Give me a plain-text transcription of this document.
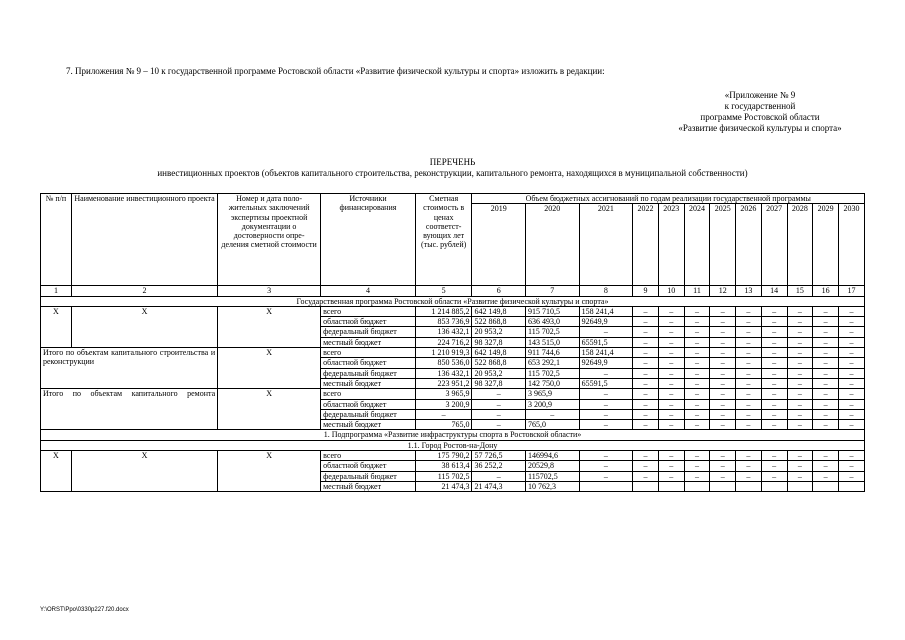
7. Приложения № 9 – 10 к государственной программе Ростовской области «Развитие физической культуры и спорта» изложить в редакции:
«Приложение № 9
к государственной
программе Ростовской области
«Развитие физической культуры и спорта»
ПЕРЕЧЕНЬ
инвестиционных проектов (объектов капитального строительства, реконструкции, капитального ремонта, находящихся в муниципальной собственности)
№ п/п	Наименование инвестиционного проекта	Номер и дата поло-жительных заключений экспертизы проектной документации о достоверности опре-деления сметной стоимости	Источники финансирования	Сметная стоимость в ценах соответст-вующих лет (тыс. рублей)	Объем бюджетных ассигнований по годам реализации государственной программы											
					2019	2020	2021	2022	2023	2024	2025	2026	2027	2028	2029	2030
1	2	3	4	5	6	7	8	9	10	11	12	13	14	15	16	17
Государственная программа Ростовской области «Развитие физической культуры и спорта»																
Х	Х	Х	всего	1 214 885,2	642 149,8	915 710,5	158 241,4	–	–	–	–	–	–	–	–	–
			областной бюджет	853 736,9	522 868,8	636 493,0	92649,9	–	–	–	–	–	–	–	–	–
			федеральный бюджет	136 432,1	20 953,2	115 702,5	–	–	–	–	–	–	–	–	–	–
			местный бюджет	224 716,2	98 327,8	143 515,0	65591,5	–	–	–	–	–	–	–	–	–
Итого по объектам капитального строительства и реконструкции		Х	всего	1 210 919,3	642 149,8	911 744,6	158 241,4	–	–	–	–	–	–	–	–	–
			областной бюджет	850 536,0	522 868,8	653 292,1	92649,9	–	–	–	–	–	–	–	–	–
			федеральный бюджет	136 432,1	20 953,2	115 702,5	–	–	–	–	–	–	–	–	–	–
			местный бюджет	223 951,2	98 327,8	142 750,0	65591,5	–	–	–	–	–	–	–	–	–
Итого по объектам капитального ремонта		Х	всего	3 965,9	–	3 965,9	–	–	–	–	–	–	–	–	–	–
			областной бюджет	3 200,9	–	3 200,9	–	–	–	–	–	–	–	–	–	–
			федеральный бюджет	–	–	–	–	–	–	–	–	–	–	–	–	–
			местный бюджет	765,0	–	765,0	–	–	–	–	–	–	–	–	–	–
1. Подпрограмма «Развитие инфраструктуры спорта в Ростовской области»																
1.1. Город Ростов-на-Дону																
Х	Х	Х	всего	175 790,2	57 726,5	146994,6	–	–	–	–	–	–	–	–	–	–
			областной бюджет	38 613,4	36 252,2	20529,8	–	–	–	–	–	–	–	–	–	–
			федеральный бюджет	115 702,5	–	115702,5	–	–	–	–	–	–	–	–	–	–
			местный бюджет	21 474,3	21 474,3	10 762,3										
Y:\ORST\Ppo\0330p227.f20.docx
